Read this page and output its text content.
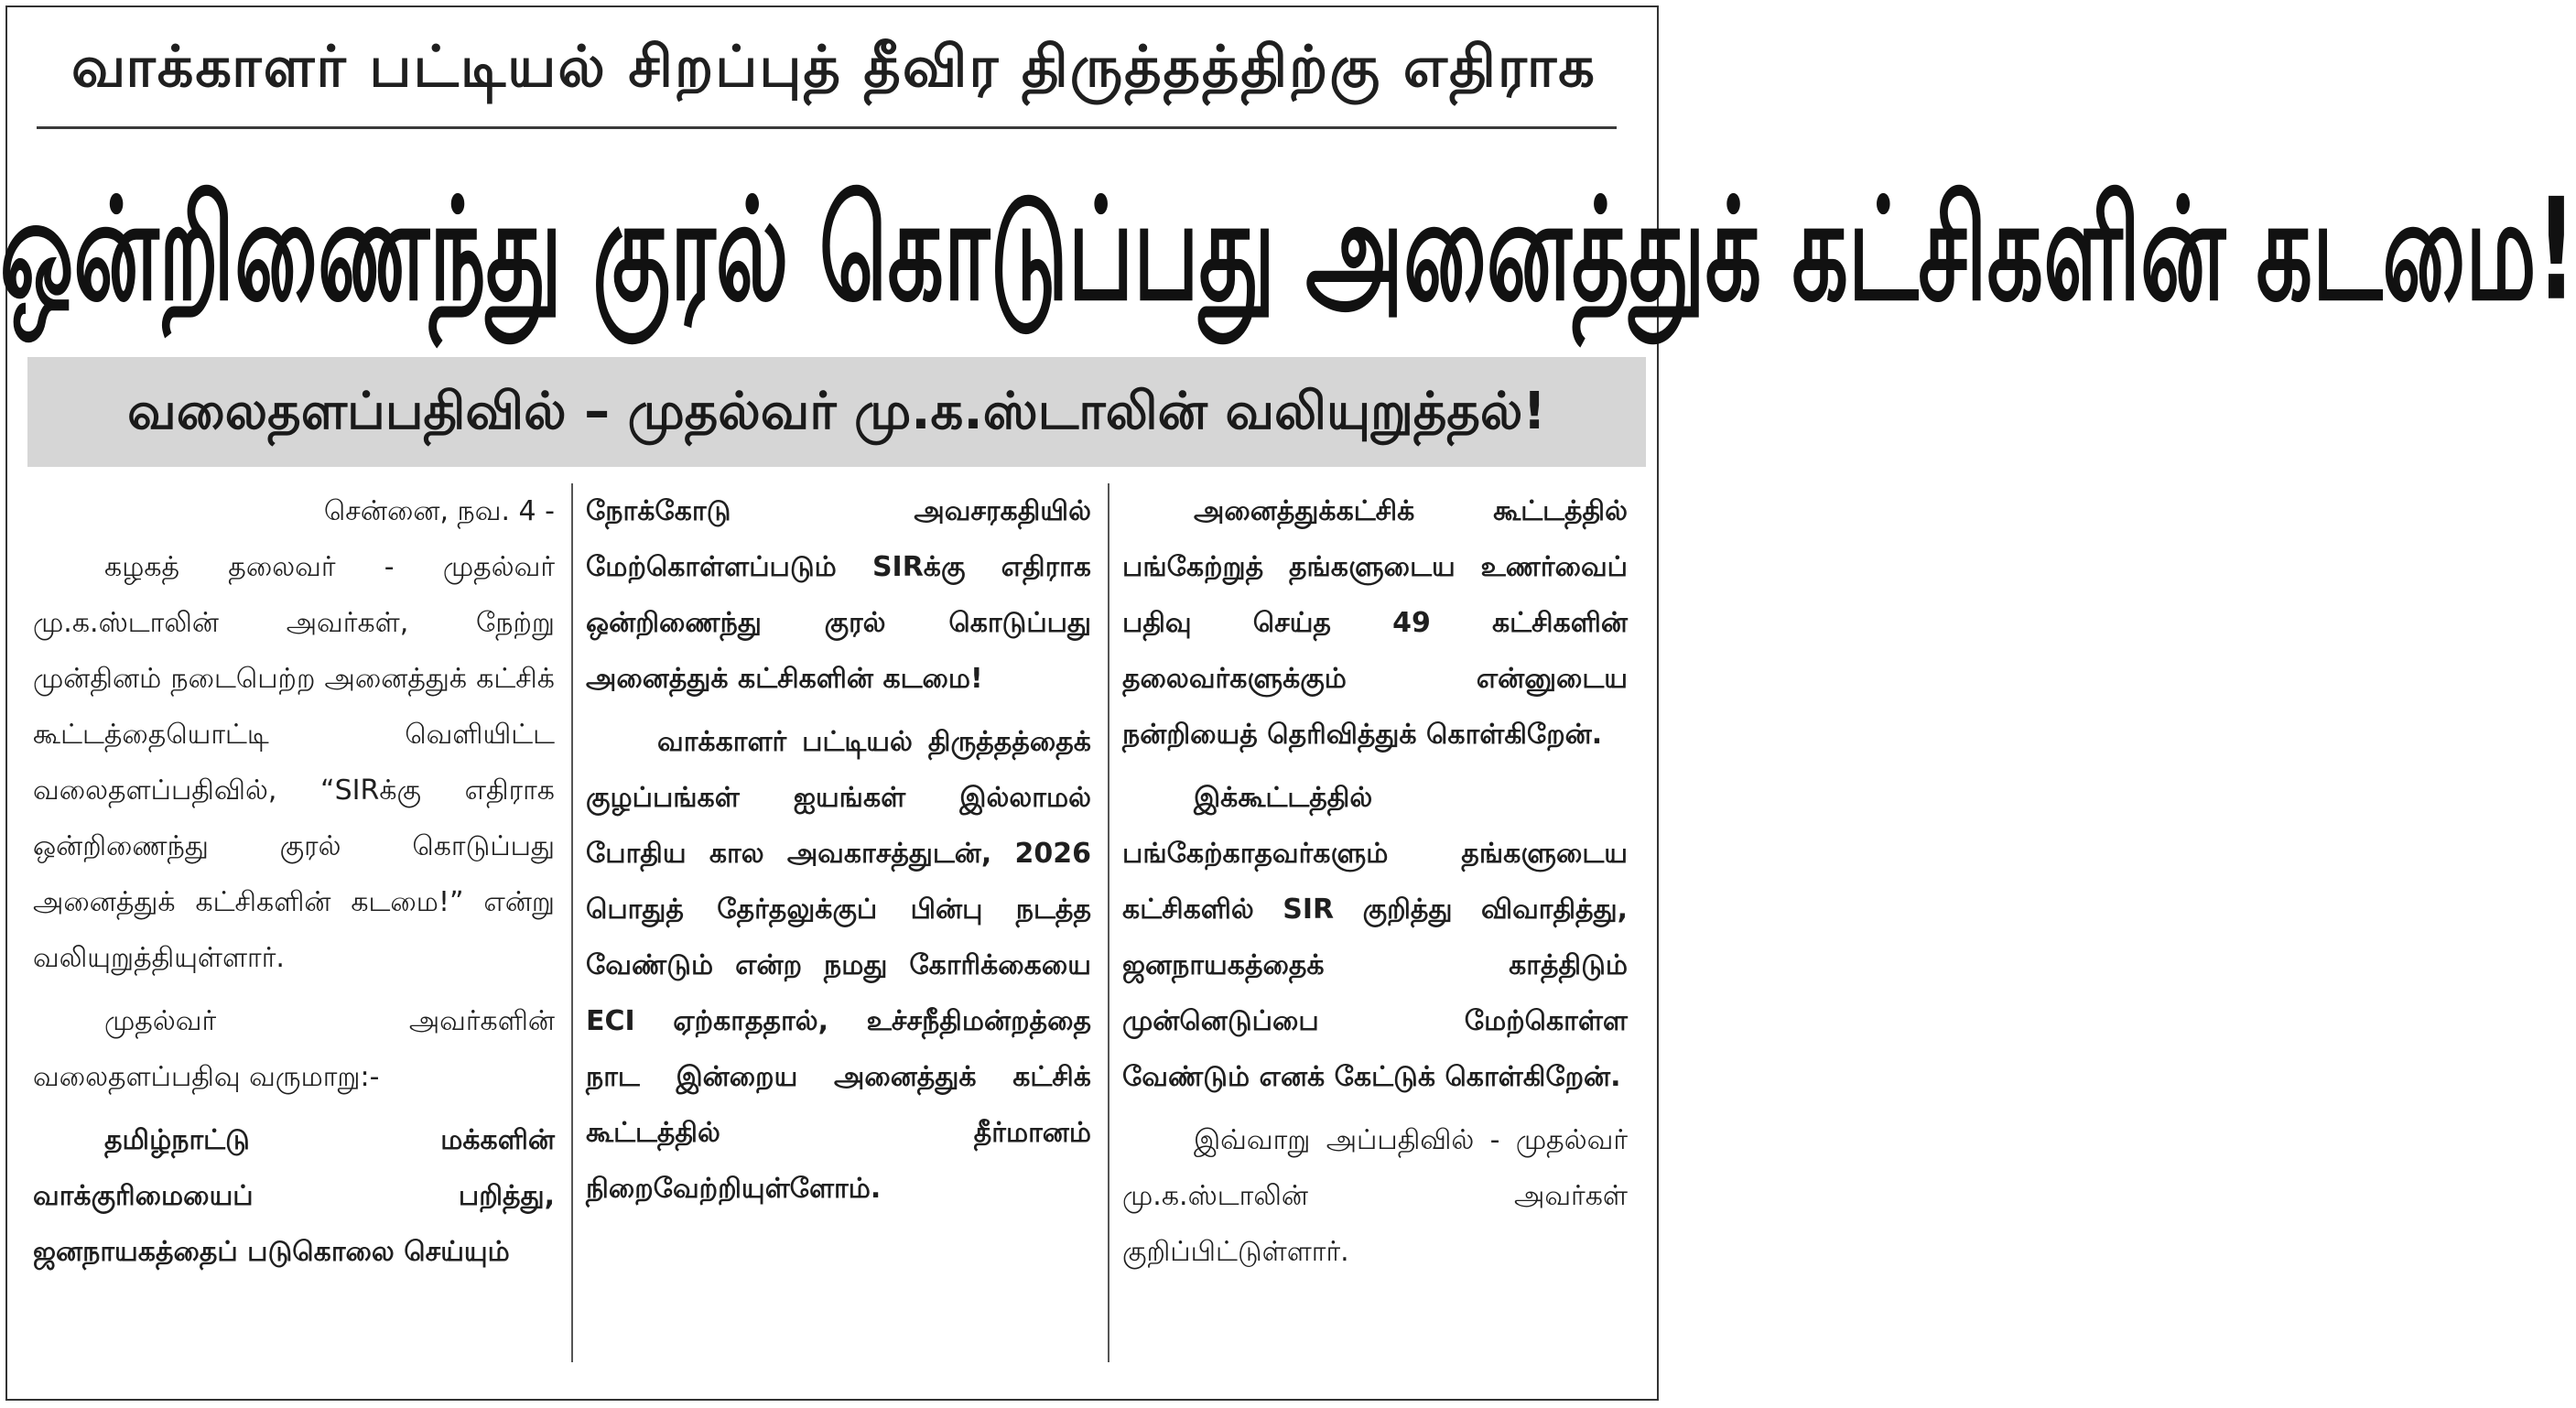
வாக்காளர் பட்டியல் சிறப்புத் தீவிர திருத்தத்திற்கு எதிராக
ஒன்றிணைந்து குரல் கொடுப்பது அனைத்துக் கட்சிகளின் கடமை!
வலைதளப்பதிவில் – முதல்வர் மு.க.ஸ்டாலின் வலியுறுத்தல்!

சென்னை, நவ. 4 -

கழகத் தலைவர் - முதல்வர் மு.க.ஸ்டாலின் அவர்கள், நேற்று முன்தினம் நடைபெற்ற அனைத்துக் கட்சிக் கூட்டத்தையொட்டி வெளியிட்ட வலைதளப்பதிவில், “SIRக்கு எதிராக ஒன்றிணைந்து குரல் கொடுப்பது அனைத்துக் கட்சிகளின் கடமை!” என்று வலியுறுத்தியுள்ளார்.

முதல்வர் அவர்களின் வலைதளப்பதிவு வருமாறு:-

தமிழ்நாட்டு மக்களின் வாக்குரிமையைப் பறித்து, ஜனநாயகத்தைப் படுகொலை செய்யும்

நோக்கோடு அவசரகதியில் மேற்கொள்ளப்படும் SIRக்கு எதிராக ஒன்றிணைந்து குரல் கொடுப்பது அனைத்துக் கட்சிகளின் கடமை!

வாக்காளர் பட்டியல் திருத்தத்தைக் குழப்பங்கள் ஐயங்கள் இல்லாமல் போதிய கால அவகாசத்துடன், 2026 பொதுத் தேர்தலுக்குப் பின்பு நடத்த வேண்டும் என்ற நமது கோரிக்கையை ECI ஏற்காததால், உச்சநீதிமன்றத்தை நாட இன்றைய அனைத்துக் கட்சிக் கூட்டத்தில் தீர்மானம் நிறைவேற்றியுள்ளோம்.

அனைத்துக்கட்சிக் கூட்டத்தில் பங்கேற்றுத் தங்களுடைய உணர்வைப் பதிவு செய்த 49 கட்சிகளின் தலைவர்களுக்கும் என்னுடைய நன்றியைத் தெரிவித்துக் கொள்கிறேன்.

இக்கூட்டத்தில் பங்கேற்காதவர்களும் தங்களுடைய கட்சிகளில் SIR குறித்து விவாதித்து, ஜனநாயகத்தைக் காத்திடும் முன்னெடுப்பை மேற்கொள்ள வேண்டும் எனக் கேட்டுக் கொள்கிறேன்.

இவ்வாறு அப்பதிவில் - முதல்வர் மு.க.ஸ்டாலின் அவர்கள் குறிப்பிட்டுள்ளார்.
